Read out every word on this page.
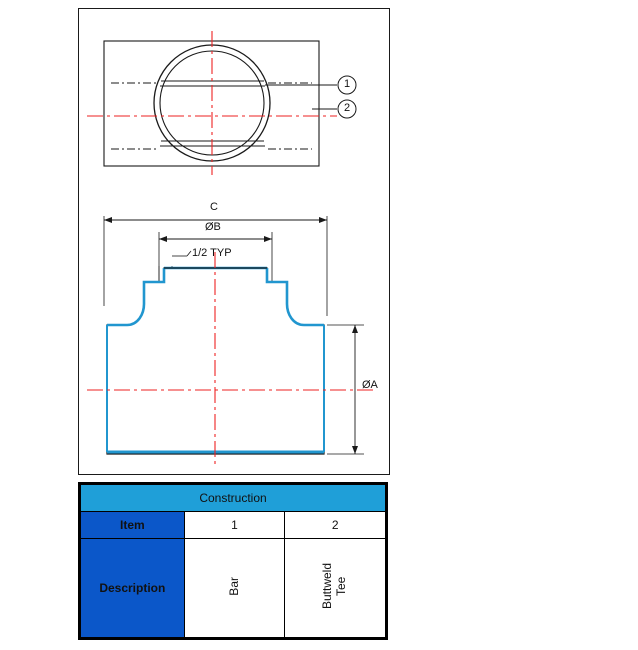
1
2
C
ØB
1/2 TYP
ØA
Construction		
Item	1	2
Description	Bar	Buttweld
Tee
